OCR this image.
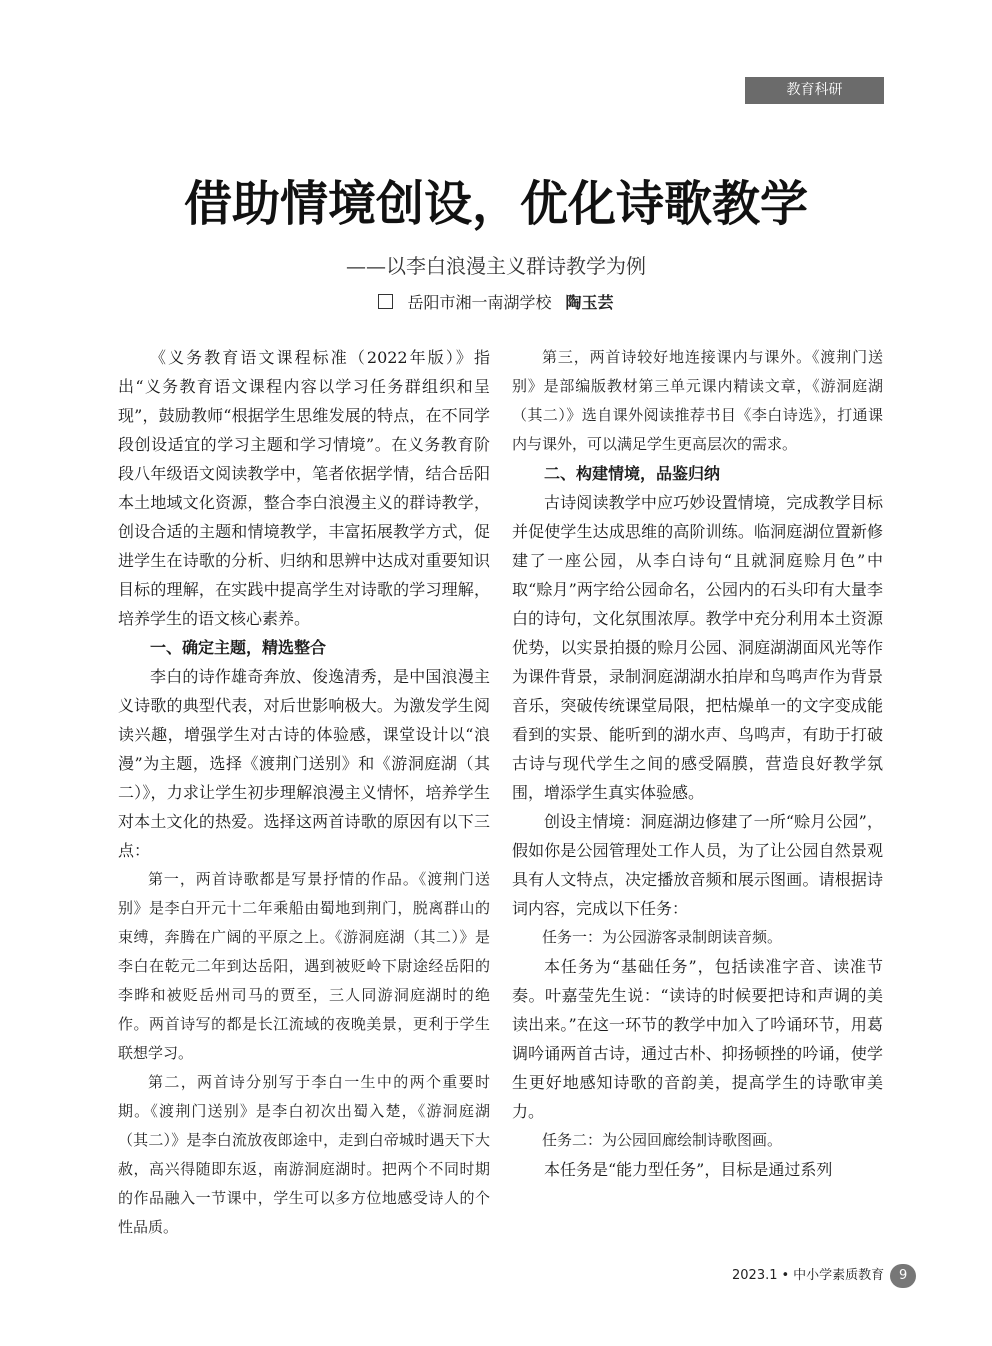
教育科研
借助情境创设，优化诗歌教学
——以李白浪漫主义群诗教学为例
岳阳市湘一南湖学校 陶玉芸

《义务教育语文课程标准（2022年版）》指出“义务教育语文课程内容以学习任务群组织和呈现”，鼓励教师“根据学生思维发展的特点，在不同学段创设适宜的学习主题和学习情境”。在义务教育阶段八年级语文阅读教学中，笔者依据学情，结合岳阳本土地域文化资源，整合李白浪漫主义的群诗教学，创设合适的主题和情境教学，丰富拓展教学方式，促进学生在诗歌的分析、归纳和思辨中达成对重要知识目标的理解，在实践中提高学生对诗歌的学习理解，培养学生的语文核心素养。

一、确定主题，精选整合

李白的诗作雄奇奔放、俊逸清秀，是中国浪漫主义诗歌的典型代表，对后世影响极大。为激发学生阅读兴趣，增强学生对古诗的体验感，课堂设计以“浪漫”为主题，选择《渡荆门送别》和《游洞庭湖（其二）》，力求让学生初步理解浪漫主义情怀，培养学生对本土文化的热爱。选择这两首诗歌的原因有以下三点：

第一，两首诗歌都是写景抒情的作品。《渡荆门送别》是李白开元十二年乘船由蜀地到荆门，脱离群山的束缚，奔腾在广阔的平原之上。《游洞庭湖（其二）》是李白在乾元二年到达岳阳，遇到被贬岭下尉途经岳阳的李晔和被贬岳州司马的贾至，三人同游洞庭湖时的绝作。两首诗写的都是长江流域的夜晚美景，更利于学生联想学习。

第二，两首诗分别写于李白一生中的两个重要时期。《渡荆门送别》是李白初次出蜀入楚，《游洞庭湖（其二）》是李白流放夜郎途中，走到白帝城时遇天下大赦，高兴得随即东返，南游洞庭湖时。把两个不同时期的作品融入一节课中，学生可以多方位地感受诗人的个性品质。

第三，两首诗较好地连接课内与课外。《渡荆门送别》是部编版教材第三单元课内精读文章，《游洞庭湖（其二）》选自课外阅读推荐书目《李白诗选》，打通课内与课外，可以满足学生更高层次的需求。

二、构建情境，品鉴归纳

古诗阅读教学中应巧妙设置情境，完成教学目标并促使学生达成思维的高阶训练。临洞庭湖位置新修建了一座公园，从李白诗句“且就洞庭赊月色”中取“赊月”两字给公园命名，公园内的石头印有大量李白的诗句，文化氛围浓厚。教学中充分利用本土资源优势，以实景拍摄的赊月公园、洞庭湖湖面风光等作为课件背景，录制洞庭湖湖水拍岸和鸟鸣声作为背景音乐，突破传统课堂局限，把枯燥单一的文字变成能看到的实景、能听到的湖水声、鸟鸣声，有助于打破古诗与现代学生之间的感受隔膜，营造良好教学氛围，增添学生真实体验感。

创设主情境：洞庭湖边修建了一所“赊月公园”，假如你是公园管理处工作人员，为了让公园自然景观具有人文特点，决定播放音频和展示图画。请根据诗词内容，完成以下任务：

任务一：为公园游客录制朗读音频。

本任务为“基础任务”，包括读准字音、读准节奏。叶嘉莹先生说：“读诗的时候要把诗和声调的美读出来。”在这一环节的教学中加入了吟诵环节，用葛调吟诵两首古诗，通过古朴、抑扬顿挫的吟诵，使学生更好地感知诗歌的音韵美，提高学生的诗歌审美力。

任务二：为公园回廊绘制诗歌图画。

本任务是“能力型任务”，目标是通过系列

2023.1 • 中小学素质教育 9
